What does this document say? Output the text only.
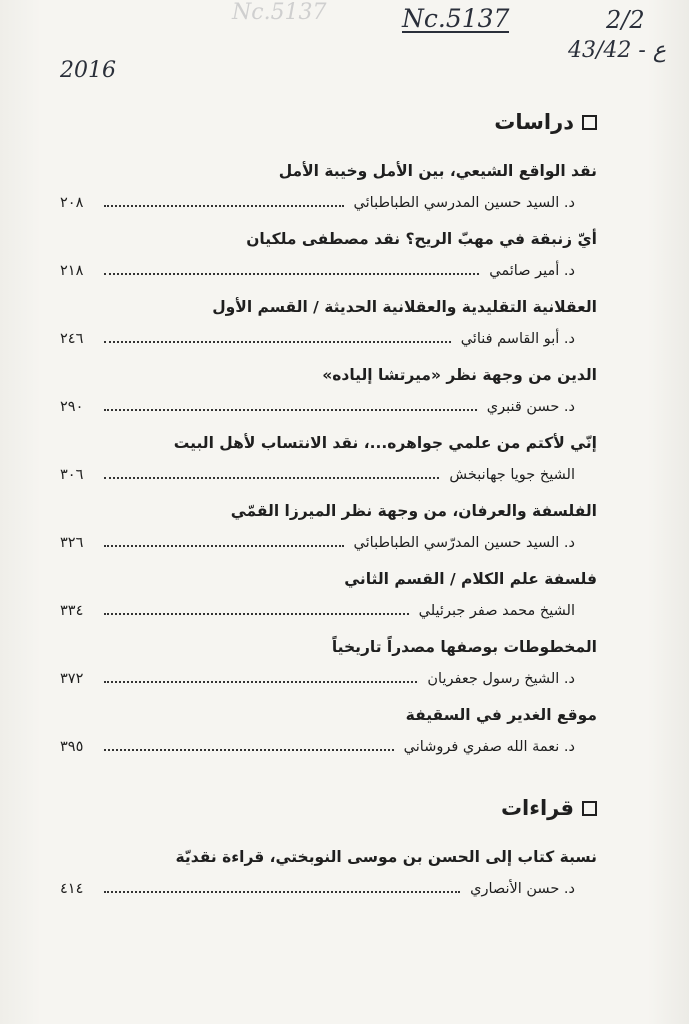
Nc.5137	Nc.5137	2/2
43/42 - ع
2016
دراسات
نقد الواقع الشيعي، بين الأمل وخيبة الأمل
د. السيد حسين المدرسي الطباطبائي
٢٠٨
أيّ زنبقة في مهبّ الريح؟ نقد مصطفى ملكيان
د. أمير صائمي
٢١٨
العقلانية التقليدية والعقلانية الحديثة / القسم الأول
د. أبو القاسم فنائي
٢٤٦
الدين من وجهة نظر «ميرتشا إلياده»
د. حسن قنبري
٢٩٠
إنّي لأكتم من علمي جواهره...، نقد الانتساب لأهل البيت
الشيخ جويا جهانبخش
٣٠٦
الفلسفة والعرفان، من وجهة نظر الميرزا القمّي
د. السيد حسين المدرّسي الطباطبائي
٣٢٦
فلسفة علم الكلام / القسم الثاني
الشيخ محمد صفر جبرئيلي
٣٣٤
المخطوطات بوصفها مصدراً تاريخياً
د. الشيخ رسول جعفريان
٣٧٢
موقع الغدير في السقيفة
د. نعمة الله صفري فروشاني
٣٩٥
قراءات
نسبة كتاب إلى الحسن بن موسى النوبختي، قراءة نقديّة
د. حسن الأنصاري
٤١٤
